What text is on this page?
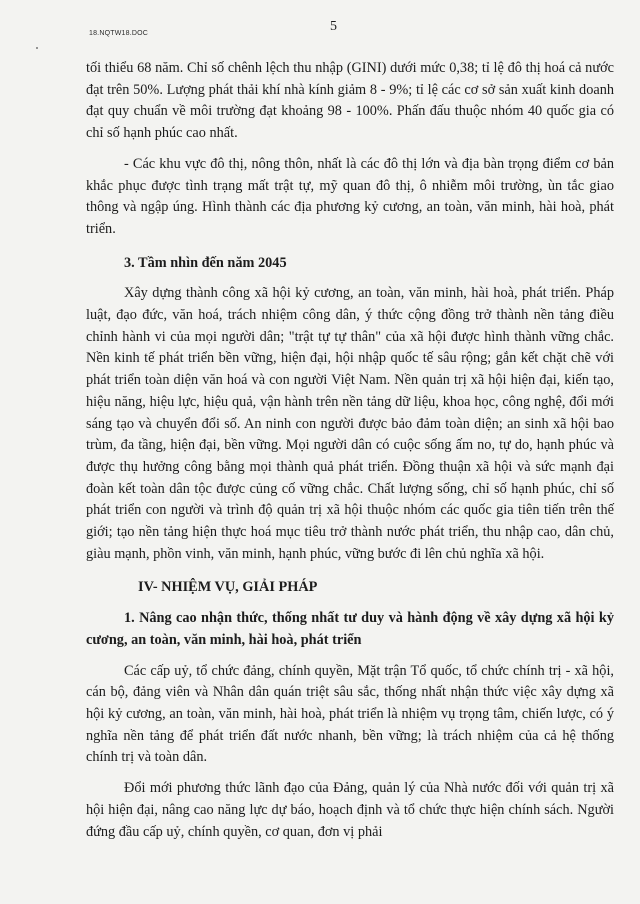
18.NQTW18.DOC	5

tối thiểu 68 năm. Chỉ số chênh lệch thu nhập (GINI) dưới mức 0,38; tỉ lệ đô thị hoá cả nước đạt trên 50%. Lượng phát thải khí nhà kính giảm 8 - 9%; tỉ lệ các cơ sở sản xuất kinh doanh đạt quy chuẩn về môi trường đạt khoảng 98 - 100%. Phấn đấu thuộc nhóm 40 quốc gia có chỉ số hạnh phúc cao nhất.

- Các khu vực đô thị, nông thôn, nhất là các đô thị lớn và địa bàn trọng điểm cơ bản khắc phục được tình trạng mất trật tự, mỹ quan đô thị, ô nhiễm môi trường, ùn tắc giao thông và ngập úng. Hình thành các địa phương kỷ cương, an toàn, văn minh, hài hoà, phát triển.

3. Tầm nhìn đến năm 2045

Xây dựng thành công xã hội kỷ cương, an toàn, văn minh, hài hoà, phát triển. Pháp luật, đạo đức, văn hoá, trách nhiệm công dân, ý thức cộng đồng trở thành nền tảng điều chỉnh hành vi của mọi người dân; "trật tự tự thân" của xã hội được hình thành vững chắc. Nền kinh tế phát triển bền vững, hiện đại, hội nhập quốc tế sâu rộng; gắn kết chặt chẽ với phát triển toàn diện văn hoá và con người Việt Nam. Nền quản trị xã hội hiện đại, kiến tạo, hiệu năng, hiệu lực, hiệu quả, vận hành trên nền tảng dữ liệu, khoa học, công nghệ, đổi mới sáng tạo và chuyển đổi số. An ninh con người được bảo đảm toàn diện; an sinh xã hội bao trùm, đa tầng, hiện đại, bền vững. Mọi người dân có cuộc sống ấm no, tự do, hạnh phúc và được thụ hưởng công bằng mọi thành quả phát triển. Đồng thuận xã hội và sức mạnh đại đoàn kết toàn dân tộc được củng cố vững chắc. Chất lượng sống, chỉ số hạnh phúc, chỉ số phát triển con người và trình độ quản trị xã hội thuộc nhóm các quốc gia tiên tiến trên thế giới; tạo nền tảng hiện thực hoá mục tiêu trở thành nước phát triển, thu nhập cao, dân chủ, giàu mạnh, phồn vinh, văn minh, hạnh phúc, vững bước đi lên chủ nghĩa xã hội.

IV- NHIỆM VỤ, GIẢI PHÁP
1. Nâng cao nhận thức, thống nhất tư duy và hành động về xây dựng xã hội kỷ cương, an toàn, văn minh, hài hoà, phát triển

Các cấp uỷ, tổ chức đảng, chính quyền, Mặt trận Tổ quốc, tổ chức chính trị - xã hội, cán bộ, đảng viên và Nhân dân quán triệt sâu sắc, thống nhất nhận thức việc xây dựng xã hội kỷ cương, an toàn, văn minh, hài hoà, phát triển là nhiệm vụ trọng tâm, chiến lược, có ý nghĩa nền tảng để phát triển đất nước nhanh, bền vững; là trách nhiệm của cả hệ thống chính trị và toàn dân.

Đổi mới phương thức lãnh đạo của Đảng, quản lý của Nhà nước đối với quản trị xã hội hiện đại, nâng cao năng lực dự báo, hoạch định và tổ chức thực hiện chính sách. Người đứng đầu cấp uỷ, chính quyền, cơ quan, đơn vị phải
